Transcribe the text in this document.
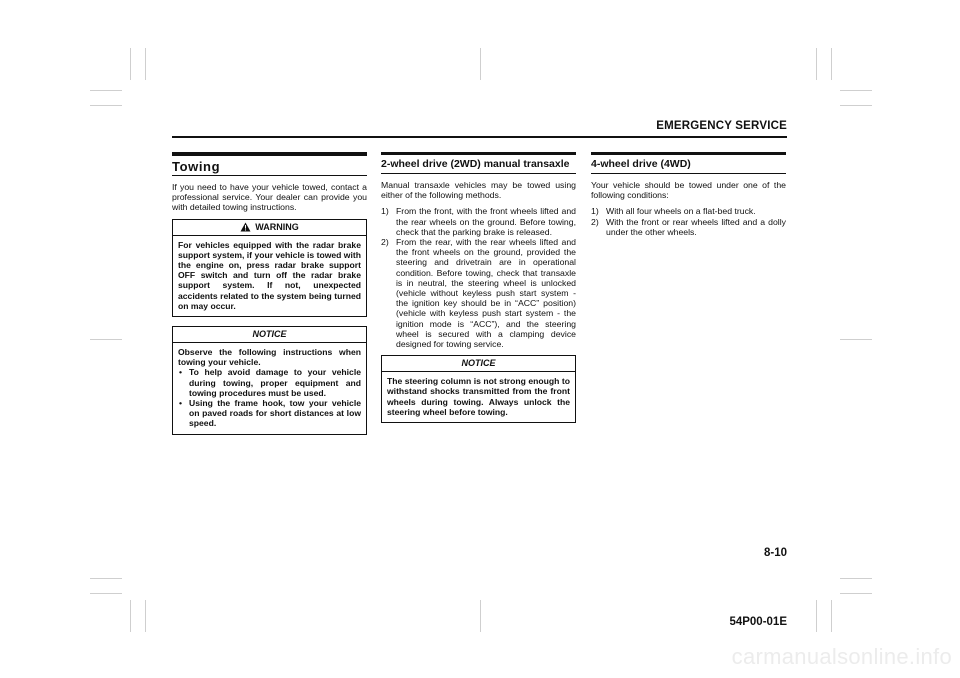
EMERGENCY SERVICE
Towing

If you need to have your vehicle towed, contact a professional service. Your dealer can provide you with detailed towing instructions.

WARNING
For vehicles equipped with the radar brake support system, if your vehicle is towed with the engine on, press radar brake support OFF switch and turn off the radar brake support system. If not, unexpected accidents related to the system being turned on may occur.
NOTICE
Observe the following instructions when towing your vehicle.
• To help avoid damage to your vehicle during towing, proper equipment and towing procedures must be used.
• Using the frame hook, tow your vehicle on paved roads for short distances at low speed.
2-wheel drive (2WD) manual transaxle

Manual transaxle vehicles may be towed using either of the following methods.

1) From the front, with the front wheels lifted and the rear wheels on the ground. Before towing, check that the parking brake is released.
2) From the rear, with the rear wheels lifted and the front wheels on the ground, provided the steering and drivetrain are in operational condition. Before towing, check that transaxle is in neutral, the steering wheel is unlocked (vehicle without keyless push start system - the ignition key should be in “ACC” position) (vehicle with keyless push start system - the ignition mode is “ACC”), and the steering wheel is secured with a clamping device designed for towing service.
NOTICE
The steering column is not strong enough to withstand shocks transmitted from the front wheels during towing. Always unlock the steering wheel before towing.
4-wheel drive (4WD)

Your vehicle should be towed under one of the following conditions:

1) With all four wheels on a flat-bed truck.
2) With the front or rear wheels lifted and a dolly under the other wheels.
8-10
54P00-01E
carmanualsonline.info
